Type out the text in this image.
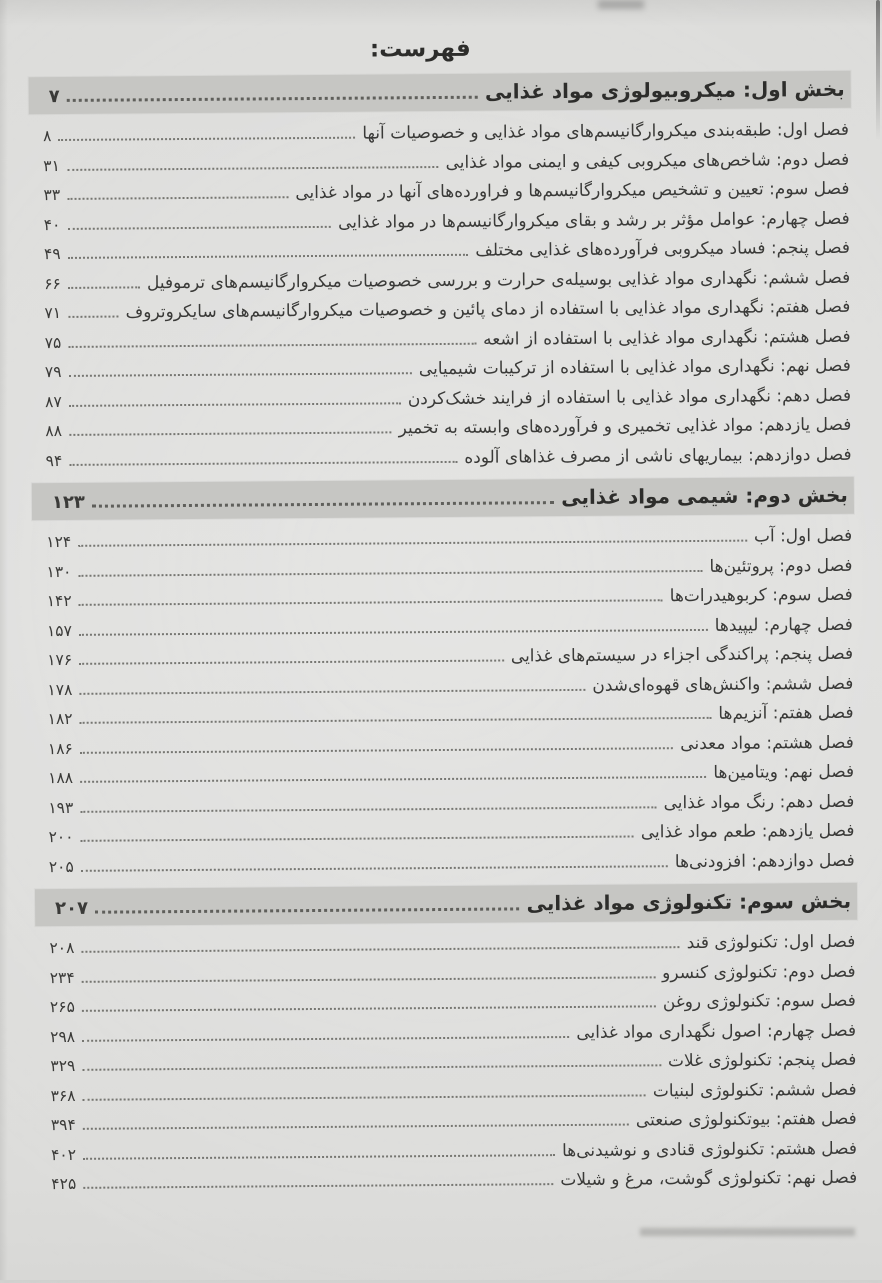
فهرست:
بخش اول: میکروبیولوژی مواد غذایی
۷
فصل اول: طبقه‌بندی میکروارگانیسم‌های مواد غذایی و خصوصیات آنها
۸
فصل دوم: شاخص‌های میکروبی کیفی و ایمنی مواد غذایی
۳۱
فصل سوم: تعیین و تشخیص میکروارگانیسم‌ها و فراورده‌های آنها در مواد غذایی
۳۳
فصل چهارم: عوامل مؤثر بر رشد و بقای میکروارگانیسم‌ها در مواد غذایی
۴۰
فصل پنجم: فساد میکروبی فرآورده‌های غذایی مختلف
۴۹
فصل ششم: نگهداری مواد غذایی بوسیله‌ی حرارت و بررسی خصوصیات میکروارگانیسم‌های ترموفیل
۶۶
فصل هفتم: نگهداری مواد غذایی با استفاده از دمای پائین و خصوصیات میکروارگانیسم‌های سایکروتروف
۷۱
فصل هشتم: نگهداری مواد غذایی با استفاده از اشعه
۷۵
فصل نهم: نگهداری مواد غذایی با استفاده از ترکیبات شیمیایی
۷۹
فصل دهم: نگهداری مواد غذایی با استفاده از فرایند خشک‌کردن
۸۷
فصل یازدهم: مواد غذایی تخمیری و فرآورده‌های وابسته به تخمیر
۸۸
فصل دوازدهم: بیماریهای ناشی از مصرف غذاهای آلوده
۹۴
بخش دوم: شیمی مواد غذایی
۱۲۳
فصل اول: آب
۱۲۴
فصل دوم: پروتئین‌ها
۱۳۰
فصل سوم: کربوهیدرات‌ها
۱۴۲
فصل چهارم: لیپیدها
۱۵۷
فصل پنجم: پراکندگی اجزاء در سیستم‌های غذایی
۱۷۶
فصل ششم: واکنش‌های قهوه‌ای‌شدن
۱۷۸
فصل هفتم: آنزیم‌ها
۱۸۲
فصل هشتم: مواد معدنی
۱۸۶
فصل نهم: ویتامین‌ها
۱۸۸
فصل دهم: رنگ مواد غذایی
۱۹۳
فصل یازدهم: طعم مواد غذایی
۲۰۰
فصل دوازدهم: افزودنی‌ها
۲۰۵
بخش سوم: تکنولوژی مواد غذایی
۲۰۷
فصل اول: تکنولوژی قند
۲۰۸
فصل دوم: تکنولوژی کنسرو
۲۳۴
فصل سوم: تکنولوژی روغن
۲۶۵
فصل چهارم: اصول نگهداری مواد غذایی
۲۹۸
فصل پنجم: تکنولوژی غلات
۳۲۹
فصل ششم: تکنولوژی لبنیات
۳۶۸
فصل هفتم: بیوتکنولوژی صنعتی
۳۹۴
فصل هشتم: تکنولوژی قنادی و نوشیدنی‌ها
۴۰۲
فصل نهم: تکنولوژی گوشت، مرغ و شیلات
۴۲۵
